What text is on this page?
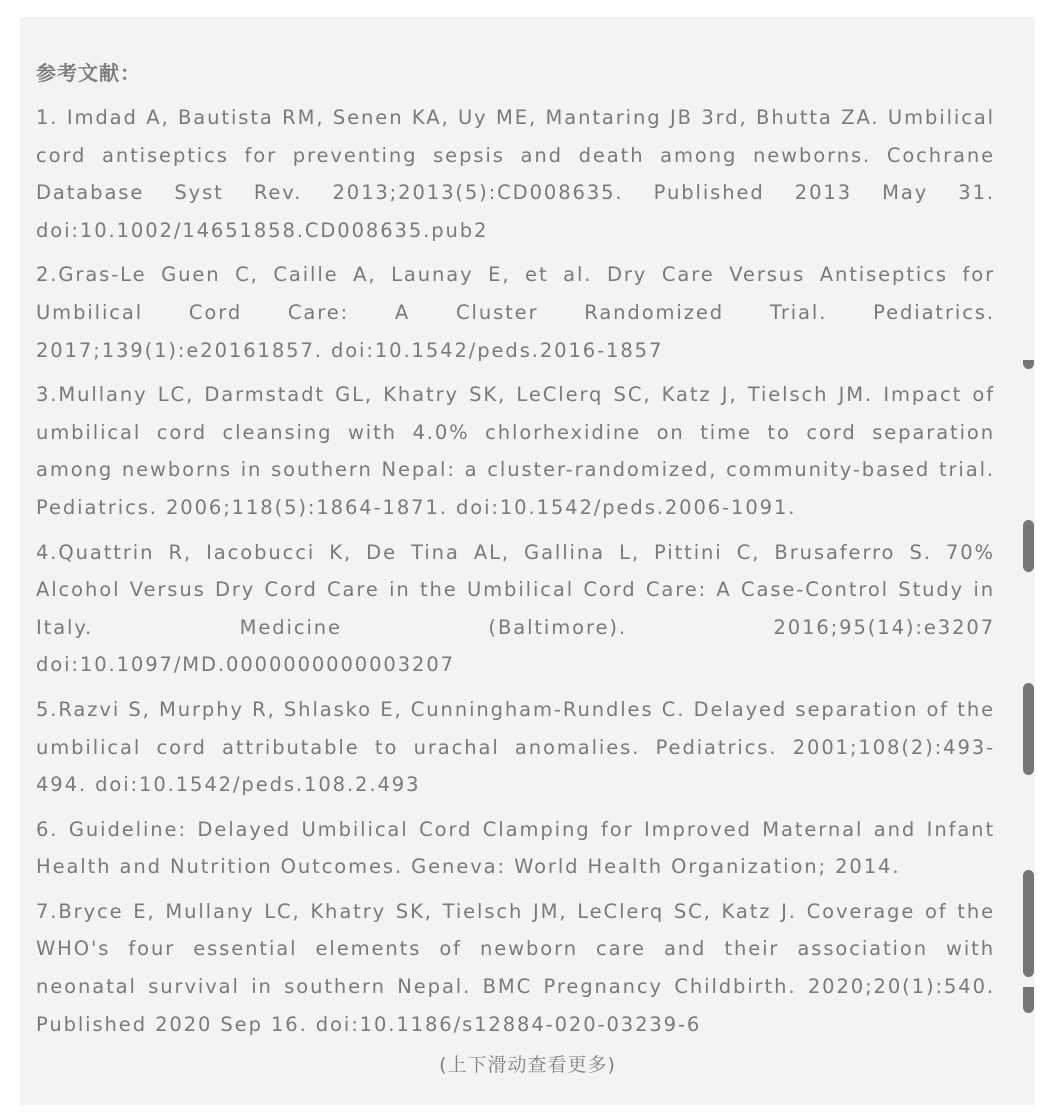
参考文献：

1. Imdad A, Bautista RM, Senen KA, Uy ME, Mantaring JB 3rd, Bhutta ZA. Umbilical cord antiseptics for preventing sepsis and death among newborns. Cochrane Database Syst Rev. 2013;2013(5):CD008635. Published 2013 May 31. doi:10.1002/14651858.CD008635.pub2

2.Gras-Le Guen C, Caille A, Launay E, et al. Dry Care Versus Antiseptics for Umbilical Cord Care: A Cluster Randomized Trial. Pediatrics. 2017;139(1):e20161857. doi:10.1542/peds.2016-1857

3.Mullany LC, Darmstadt GL, Khatry SK, LeClerq SC, Katz J, Tielsch JM. Impact of umbilical cord cleansing with 4.0% chlorhexidine on time to cord separation among newborns in southern Nepal: a cluster-randomized, community-based trial. Pediatrics. 2006;118(5):1864-1871. doi:10.1542/peds.2006-1091.

4.Quattrin R, Iacobucci K, De Tina AL, Gallina L, Pittini C, Brusaferro S. 70% Alcohol Versus Dry Cord Care in the Umbilical Cord Care: A Case-Control Study in Italy. Medicine (Baltimore). 2016;95(14):e3207 doi:10.1097/MD.0000000000003207

5.Razvi S, Murphy R, Shlasko E, Cunningham-Rundles C. Delayed separation of the umbilical cord attributable to urachal anomalies. Pediatrics. 2001;108(2):493-494. doi:10.1542/peds.108.2.493

6. Guideline: Delayed Umbilical Cord Clamping for Improved Maternal and Infant Health and Nutrition Outcomes. Geneva: World Health Organization; 2014.

7.Bryce E, Mullany LC, Khatry SK, Tielsch JM, LeClerq SC, Katz J. Coverage of the WHO's four essential elements of newborn care and their association with neonatal survival in southern Nepal. BMC Pregnancy Childbirth. 2020;20(1):540. Published 2020 Sep 16. doi:10.1186/s12884-020-03239-6

(上下滑动查看更多)
